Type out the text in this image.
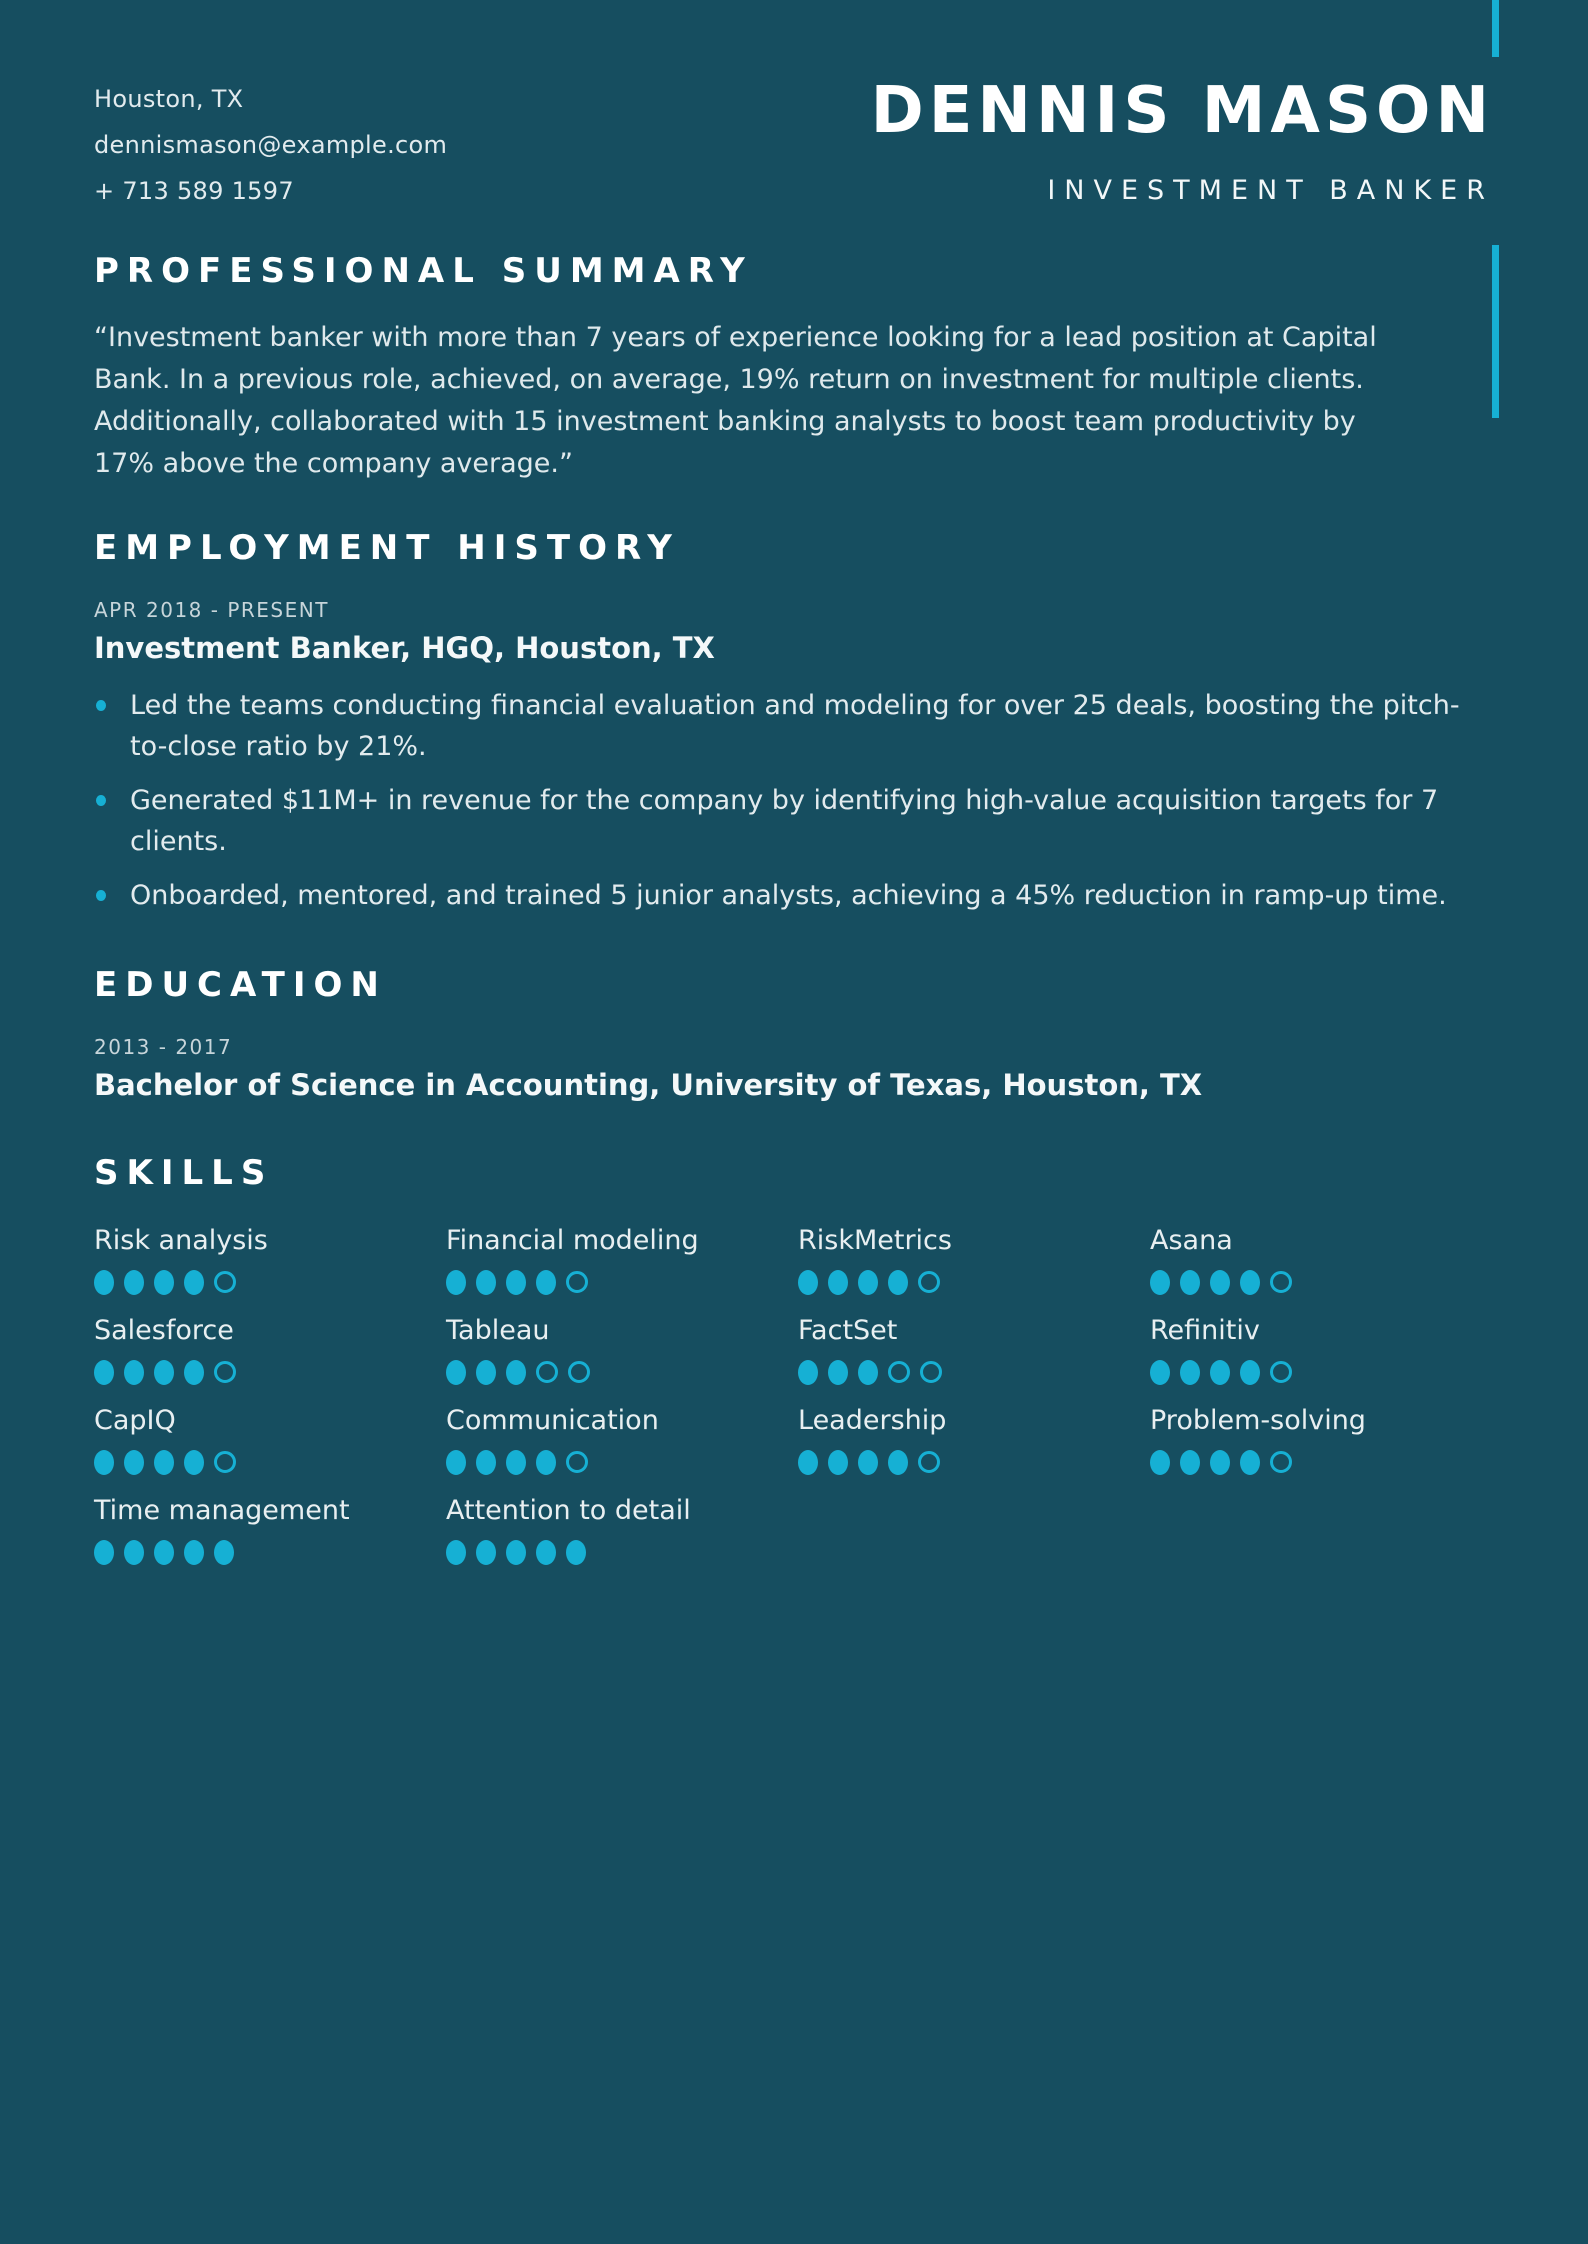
Houston, TX
dennismason@example.com
+ 713 589 1597
DENNIS MASON
INVESTMENT BANKER
PROFESSIONAL SUMMARY

“Investment banker with more than 7 years of experience looking for a lead position at Capital Bank. In a previous role, achieved, on average, 19% return on investment for multiple clients. Additionally, collaborated with 15 investment banking analysts to boost team productivity by 17% above the company average.”

EMPLOYMENT HISTORY
APR 2018 - PRESENT
Investment Banker, HGQ, Houston, TX
Led the teams conducting financial evaluation and modeling for over 25 deals, boosting the pitch-to-close ratio by 21%.
Generated $11M+ in revenue for the company by identifying high-value acquisition targets for 7 clients.
Onboarded, mentored, and trained 5 junior analysts, achieving a 45% reduction in ramp-up time.
EDUCATION
2013 - 2017
Bachelor of Science in Accounting, University of Texas, Houston, TX
SKILLS
Risk analysis	Financial modeling	RiskMetrics	Asana
Salesforce	Tableau	FactSet	Refinitiv
CapIQ	Communication	Leadership	Problem-solving
Time management	Attention to detail
